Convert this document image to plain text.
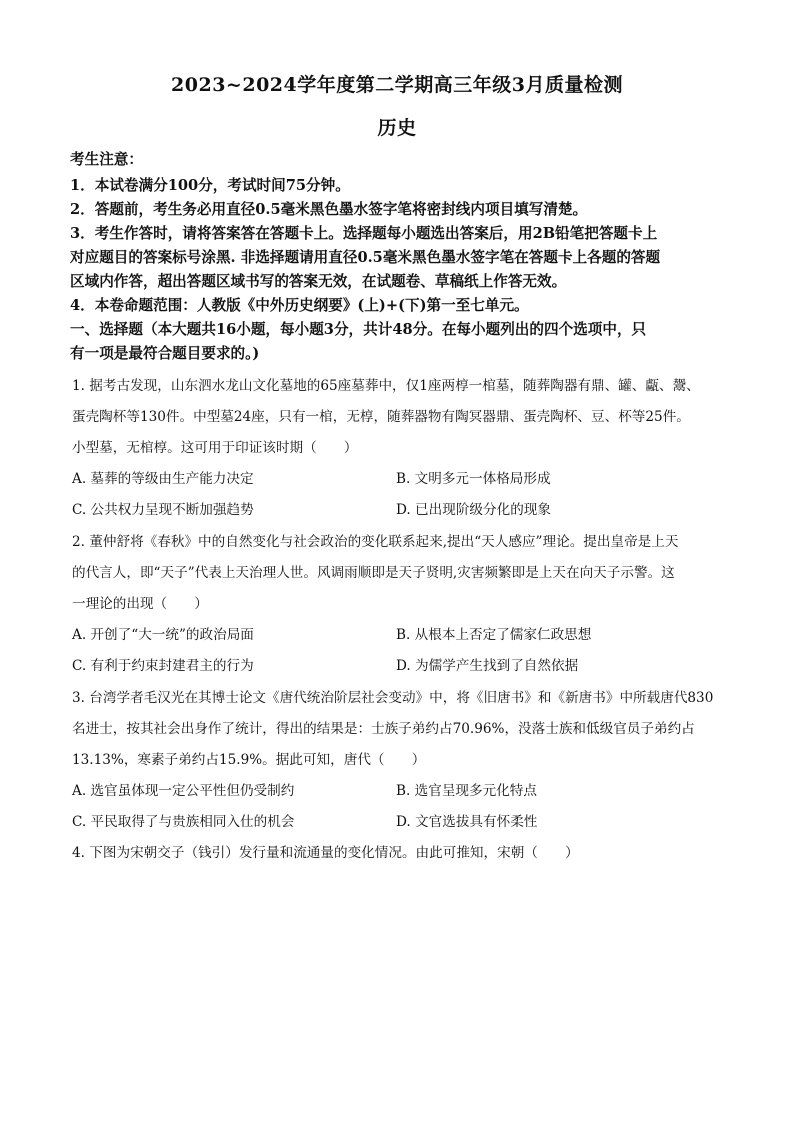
2023~2024学年度第二学期高三年级3月质量检测
历史
考生注意：
1．本试卷满分100分，考试时间75分钟。
2．答题前，考生务必用直径0.5毫米黑色墨水签字笔将密封线内项目填写清楚。
3．考生作答时，请将答案答在答题卡上。选择题每小题选出答案后，用2B铅笔把答题卡上
对应题目的答案标号涂黑. 非选择题请用直径0.5毫米黑色墨水签字笔在答题卡上各题的答题
区域内作答，超出答题区域书写的答案无效，在试题卷、草稿纸上作答无效。
4．本卷命题范围：人教版《中外历史纲要》(上)+(下)第一至七单元。
一、选择题（本大题共16小题，每小题3分，共计48分。在每小题列出的四个选项中，只
有一项是最符合题目要求的。)
1. 据考古发现，山东泗水龙山文化墓地的65座墓葬中，仅1座两椁一棺墓，随葬陶器有鼎、罐、甗、鬶、
蛋壳陶杯等130件。中型墓24座，只有一棺，无椁，随葬器物有陶冥器鼎、蛋壳陶杯、豆、杯等25件。
小型墓，无棺椁。这可用于印证该时期（　　）
A. 墓葬的等级由生产能力决定	B. 文明多元一体格局形成
C. 公共权力呈现不断加强趋势	D. 已出现阶级分化的现象
2. 董仲舒将《春秋》中的自然变化与社会政治的变化联系起来,提出“天人感应”理论。提出皇帝是上天
的代言人，即“天子”代表上天治理人世。风调雨顺即是天子贤明,灾害频繁即是上天在向天子示警。这
一理论的出现（　　）
A. 开创了“大一统”的政治局面	B. 从根本上否定了儒家仁政思想
C. 有利于约束封建君主的行为	D. 为儒学产生找到了自然依据
3. 台湾学者毛汉光在其博士论文《唐代统治阶层社会变动》中，将《旧唐书》和《新唐书》中所载唐代830
名进士，按其社会出身作了统计，得出的结果是：士族子弟约占70.96%，没落士族和低级官员子弟约占
13.13%，寒素子弟约占15.9%。据此可知，唐代（　　）
A. 选官虽体现一定公平性但仍受制约	B. 选官呈现多元化特点
C. 平民取得了与贵族相同入仕的机会	D. 文官选拔具有怀柔性
4. 下图为宋朝交子（钱引）发行量和流通量的变化情况。由此可推知，宋朝（　　）
